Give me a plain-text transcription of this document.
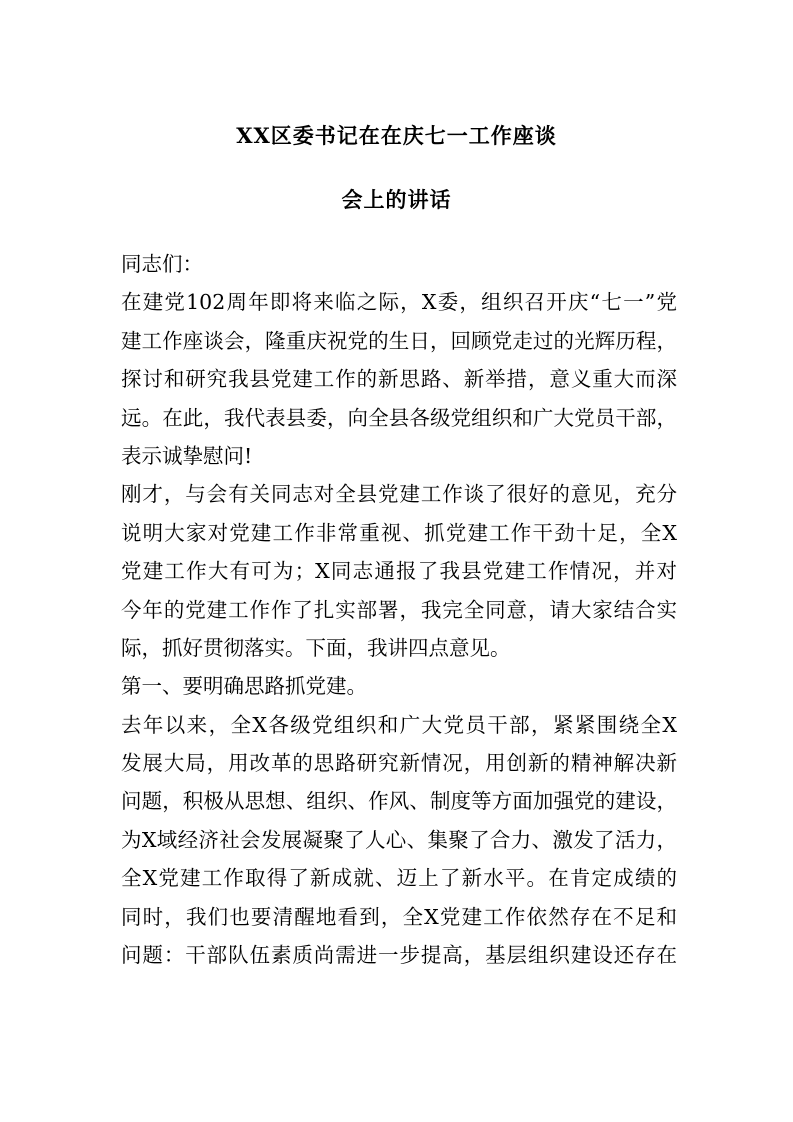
XX区委书记在在庆七一工作座谈
会上的讲话
同志们：
在建党102周年即将来临之际，X委，组织召开庆“七一”党
建工作座谈会，隆重庆祝党的生日，回顾党走过的光辉历程，
探讨和研究我县党建工作的新思路、新举措，意义重大而深
远。在此，我代表县委，向全县各级党组织和广大党员干部，
表示诚挚慰问!
刚才，与会有关同志对全县党建工作谈了很好的意见，充分
说明大家对党建工作非常重视、抓党建工作干劲十足，全X
党建工作大有可为；X同志通报了我县党建工作情况，并对
今年的党建工作作了扎实部署，我完全同意，请大家结合实
际，抓好贯彻落实。下面，我讲四点意见。
第一、要明确思路抓党建。
去年以来，全X各级党组织和广大党员干部，紧紧围绕全X
发展大局，用改革的思路研究新情况，用创新的精神解决新
问题，积极从思想、组织、作风、制度等方面加强党的建设，
为X域经济社会发展凝聚了人心、集聚了合力、激发了活力，
全X党建工作取得了新成就、迈上了新水平。在肯定成绩的
同时，我们也要清醒地看到，全X党建工作依然存在不足和
问题：干部队伍素质尚需进一步提高，基层组织建设还存在
